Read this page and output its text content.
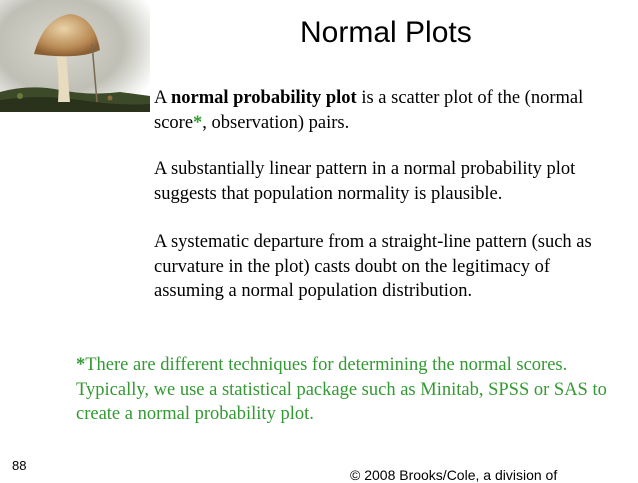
Normal Plots
A normal probability plot is a scatter plot of the (normal score*, observation) pairs.
A substantially linear pattern in a normal probability plot suggests that population normality is plausible.
A systematic departure from a straight-line pattern (such as curvature in the plot) casts doubt on the legitimacy of assuming a normal population distribution.
*There are different techniques for determining the normal scores. Typically, we use a statistical package such as Minitab, SPSS or SAS to create a normal probability plot.
88
© 2008 Brooks/Cole, a division of
